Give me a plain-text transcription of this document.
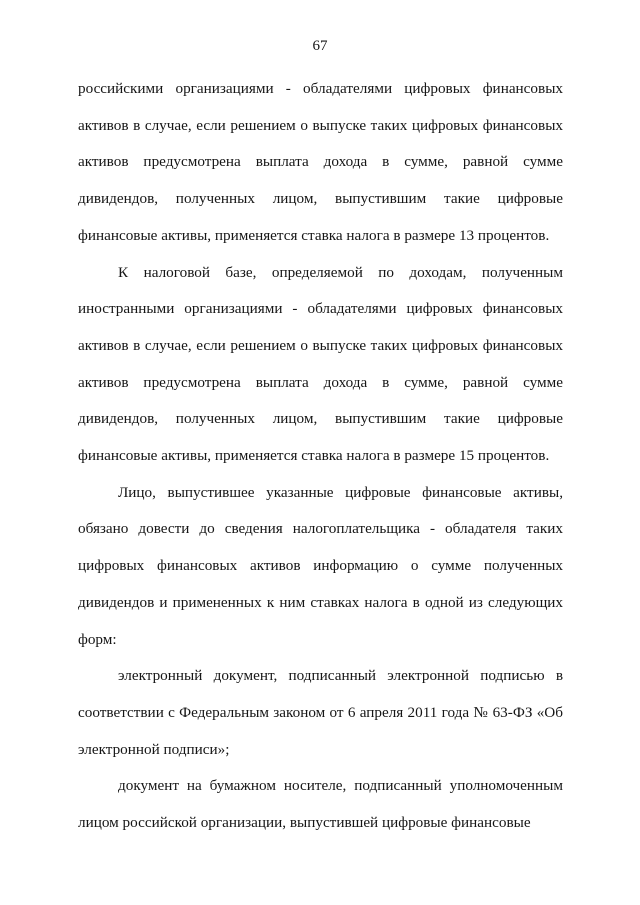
67

российскими организациями - обладателями цифровых финансовых активов в случае, если решением о выпуске таких цифровых финансовых активов предусмотрена выплата дохода в сумме, равной сумме дивидендов, полученных лицом, выпустившим такие цифровые финансовые активы, применяется ставка налога в размере 13 процентов.

К налоговой базе, определяемой по доходам, полученным иностранными организациями - обладателями цифровых финансовых активов в случае, если решением о выпуске таких цифровых финансовых активов предусмотрена выплата дохода в сумме, равной сумме дивидендов, полученных лицом, выпустившим такие цифровые финансовые активы, применяется ставка налога в размере 15 процентов.

Лицо, выпустившее указанные цифровые финансовые активы, обязано довести до сведения налогоплательщика - обладателя таких цифровых финансовых активов информацию о сумме полученных дивидендов и примененных к ним ставках налога в одной из следующих форм:

электронный документ, подписанный электронной подписью в соответствии с Федеральным законом от 6 апреля 2011 года № 63-ФЗ «Об электронной подписи»;

документ на бумажном носителе, подписанный уполномоченным лицом российской организации, выпустившей цифровые финансовые
